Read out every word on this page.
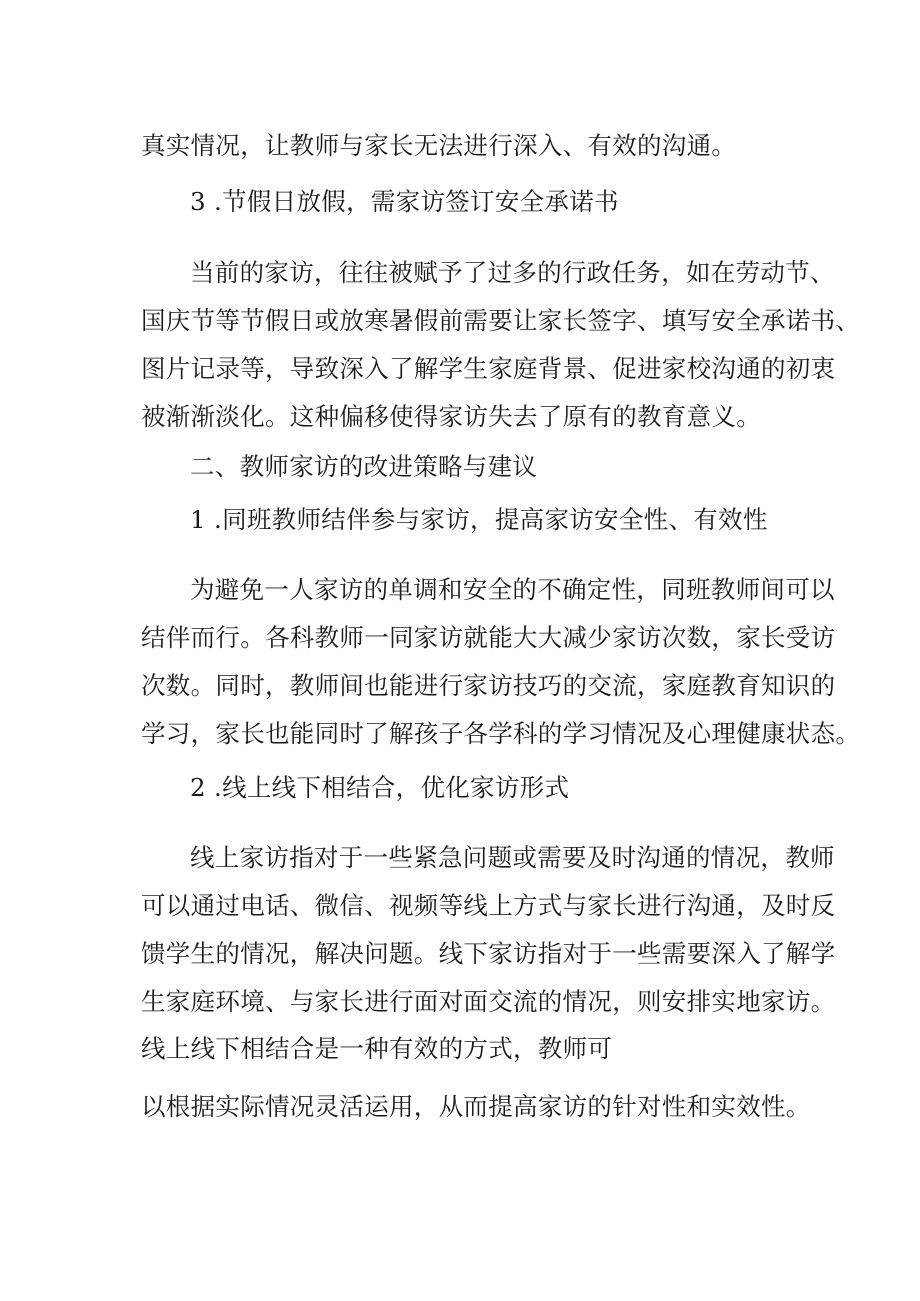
真实情况，让教师与家长无法进行深入、有效的沟通。
3 .节假日放假，需家访签订安全承诺书
当前的家访，往往被赋予了过多的行政任务，如在劳动节、
国庆节等节假日或放寒暑假前需要让家长签字、填写安全承诺书、
图片记录等，导致深入了解学生家庭背景、促进家校沟通的初衷
被渐渐淡化。这种偏移使得家访失去了原有的教育意义。
二、教师家访的改进策略与建议
1 .同班教师结伴参与家访，提高家访安全性、有效性
为避免一人家访的单调和安全的不确定性，同班教师间可以
结伴而行。各科教师一同家访就能大大减少家访次数，家长受访
次数。同时，教师间也能进行家访技巧的交流，家庭教育知识的
学习，家长也能同时了解孩子各学科的学习情况及心理健康状态。
2 .线上线下相结合，优化家访形式
线上家访指对于一些紧急问题或需要及时沟通的情况，教师
可以通过电话、微信、视频等线上方式与家长进行沟通，及时反
馈学生的情况，解决问题。线下家访指对于一些需要深入了解学
生家庭环境、与家长进行面对面交流的情况，则安排实地家访。
线上线下相结合是一种有效的方式，教师可
以根据实际情况灵活运用，从而提高家访的针对性和实效性。
